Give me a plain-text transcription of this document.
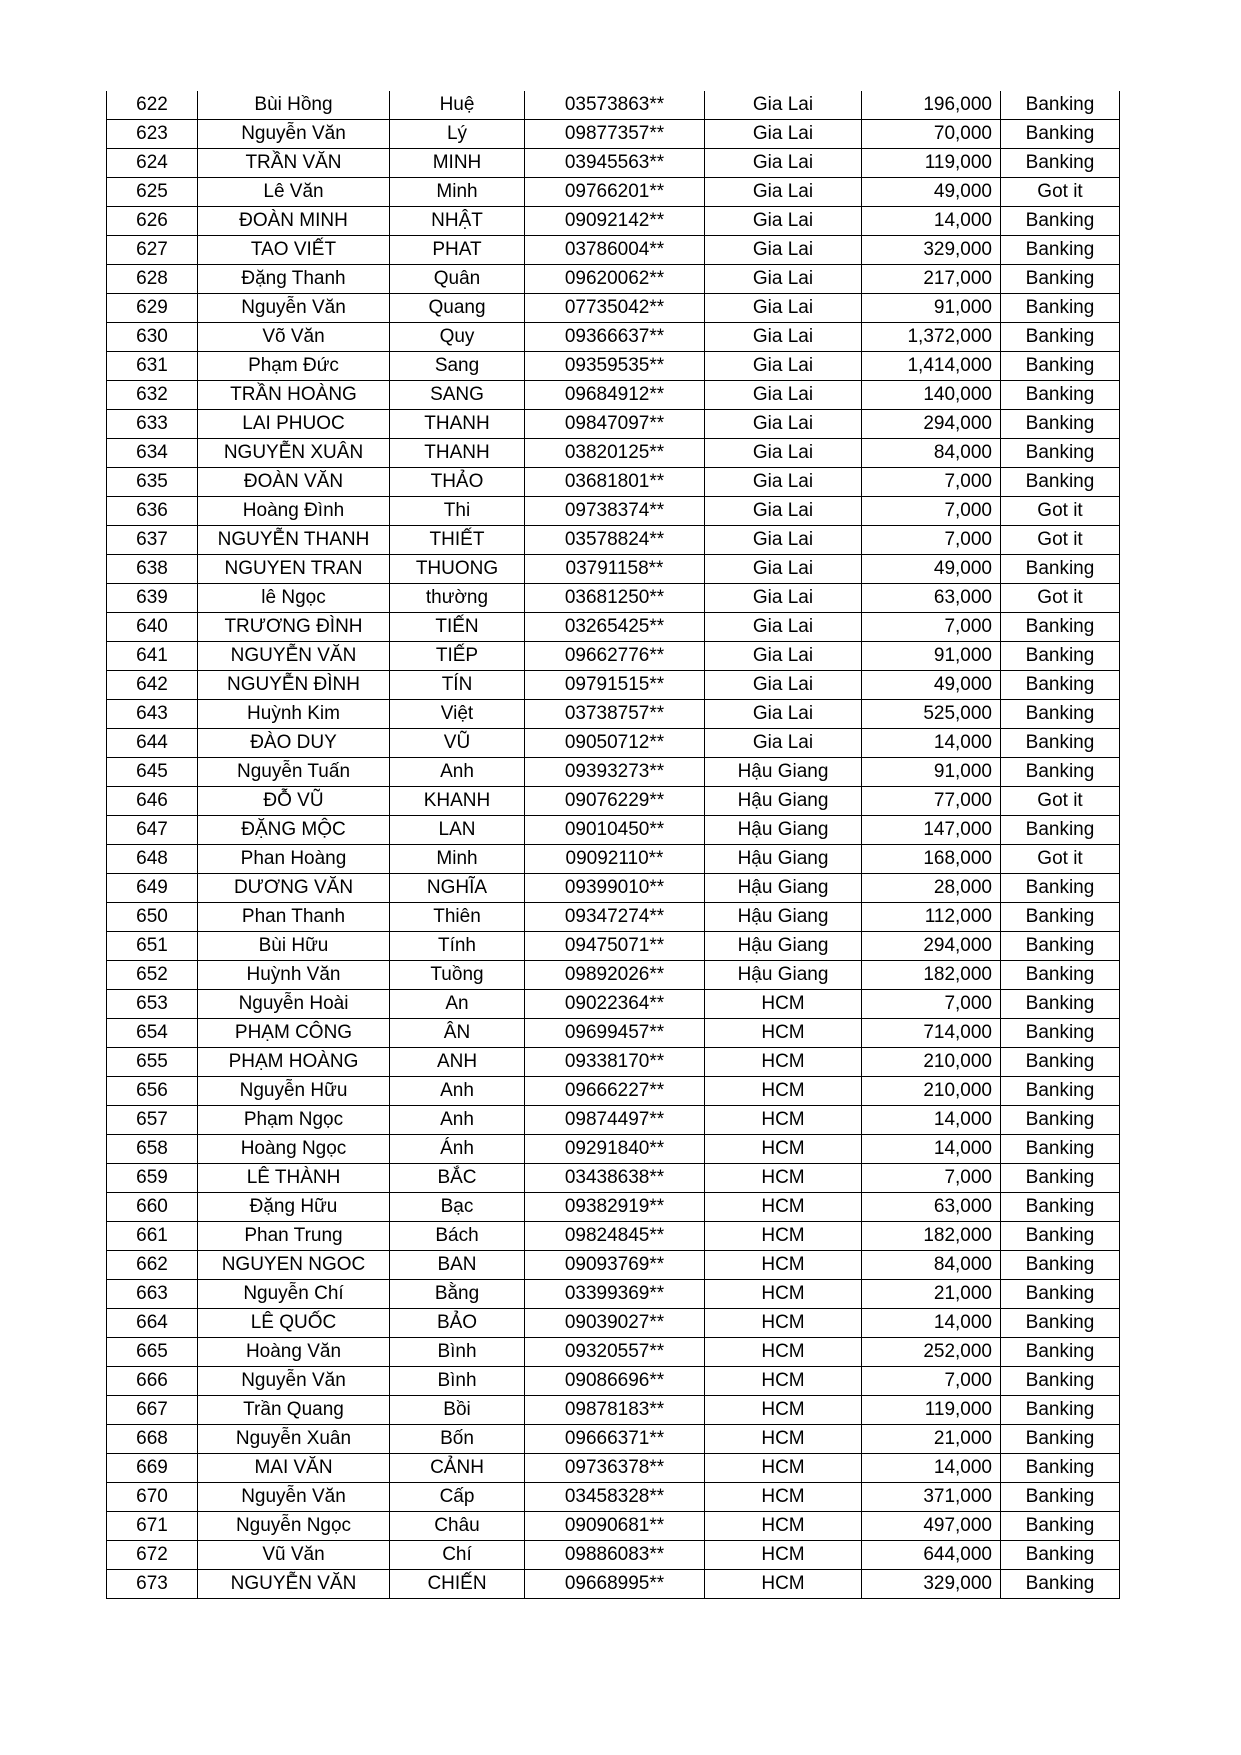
622	Bùi Hồng	Huệ	03573863**	Gia Lai	196,000	Banking
623	Nguyễn Văn	Lý	09877357**	Gia Lai	70,000	Banking
624	TRẦN VĂN	MINH	03945563**	Gia Lai	119,000	Banking
625	Lê Văn	Minh	09766201**	Gia Lai	49,000	Got it
626	ĐOÀN MINH	NHẬT	09092142**	Gia Lai	14,000	Banking
627	TAO VIẾT	PHAT	03786004**	Gia Lai	329,000	Banking
628	Đặng Thanh	Quân	09620062**	Gia Lai	217,000	Banking
629	Nguyễn Văn	Quang	07735042**	Gia Lai	91,000	Banking
630	Võ Văn	Quy	09366637**	Gia Lai	1,372,000	Banking
631	Phạm Đức	Sang	09359535**	Gia Lai	1,414,000	Banking
632	TRẦN HOÀNG	SANG	09684912**	Gia Lai	140,000	Banking
633	LAI PHUOC	THANH	09847097**	Gia Lai	294,000	Banking
634	NGUYỄN XUÂN	THANH	03820125**	Gia Lai	84,000	Banking
635	ĐOÀN VĂN	THẢO	03681801**	Gia Lai	7,000	Banking
636	Hoàng Đình	Thi	09738374**	Gia Lai	7,000	Got it
637	NGUYỄN THANH	THIẾT	03578824**	Gia Lai	7,000	Got it
638	NGUYEN TRAN	THUONG	03791158**	Gia Lai	49,000	Banking
639	lê Ngọc	thường	03681250**	Gia Lai	63,000	Got it
640	TRƯƠNG ĐÌNH	TIẾN	03265425**	Gia Lai	7,000	Banking
641	NGUYỄN VĂN	TIẾP	09662776**	Gia Lai	91,000	Banking
642	NGUYỄN ĐÌNH	TÍN	09791515**	Gia Lai	49,000	Banking
643	Huỳnh Kim	Việt	03738757**	Gia Lai	525,000	Banking
644	ĐÀO DUY	VŨ	09050712**	Gia Lai	14,000	Banking
645	Nguyễn Tuấn	Anh	09393273**	Hậu Giang	91,000	Banking
646	ĐỖ VŨ	KHANH	09076229**	Hậu Giang	77,000	Got it
647	ĐẶNG MỘC	LAN	09010450**	Hậu Giang	147,000	Banking
648	Phan Hoàng	Minh	09092110**	Hậu Giang	168,000	Got it
649	DƯƠNG VĂN	NGHĨA	09399010**	Hậu Giang	28,000	Banking
650	Phan Thanh	Thiên	09347274**	Hậu Giang	112,000	Banking
651	Bùi Hữu	Tính	09475071**	Hậu Giang	294,000	Banking
652	Huỳnh Văn	Tuồng	09892026**	Hậu Giang	182,000	Banking
653	Nguyễn Hoài	An	09022364**	HCM	7,000	Banking
654	PHẠM CÔNG	ÂN	09699457**	HCM	714,000	Banking
655	PHẠM HOÀNG	ANH	09338170**	HCM	210,000	Banking
656	Nguyễn Hữu	Anh	09666227**	HCM	210,000	Banking
657	Phạm Ngọc	Anh	09874497**	HCM	14,000	Banking
658	Hoàng Ngọc	Ánh	09291840**	HCM	14,000	Banking
659	LÊ THÀNH	BẮC	03438638**	HCM	7,000	Banking
660	Đặng Hữu	Bạc	09382919**	HCM	63,000	Banking
661	Phan Trung	Bách	09824845**	HCM	182,000	Banking
662	NGUYEN NGOC	BAN	09093769**	HCM	84,000	Banking
663	Nguyễn Chí	Bằng	03399369**	HCM	21,000	Banking
664	LÊ QUỐC	BẢO	09039027**	HCM	14,000	Banking
665	Hoàng Văn	Bình	09320557**	HCM	252,000	Banking
666	Nguyễn Văn	Bình	09086696**	HCM	7,000	Banking
667	Trần Quang	Bồi	09878183**	HCM	119,000	Banking
668	Nguyễn Xuân	Bốn	09666371**	HCM	21,000	Banking
669	MAI VĂN	CẢNH	09736378**	HCM	14,000	Banking
670	Nguyễn Văn	Cấp	03458328**	HCM	371,000	Banking
671	Nguyễn Ngọc	Châu	09090681**	HCM	497,000	Banking
672	Vũ Văn	Chí	09886083**	HCM	644,000	Banking
673	NGUYỄN VĂN	CHIẾN	09668995**	HCM	329,000	Banking
